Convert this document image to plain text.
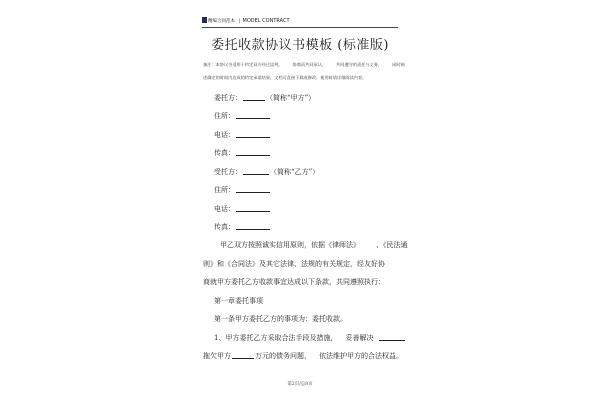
精编合同范本 | MODEL CONTRACT
委托收款协议书模板 (标准版)
备注：本协议书适用于约定双方经过谈判， 协商而共同承认， 共同遵守的责任与义务， 同时阐
述确定的时间内达成的约定承诺结果，文档可直接下载或修改，使用时请详细阅读内容。
委托方：	（简称“甲方”）
住所：
电话：
传真：
受托方：	（简称“乙方”）
住所：
电话：
传真：
甲乙双方按照诚实信用原则，依据《律师法》 、《民法通
则》和《合同法》及其它法律、法规的有关规定，经友好协
商就甲方委托乙方收款事宜达成以下条款，共同遵照执行：
第一章委托事项
第一条甲方委托乙方的事项为：委托收款。
1、甲方委托乙方采取合法手段及措施， 妥善解决
拖欠甲方	万元的债务问题， 依法维护甲方的合法权益。
第2页/总8页
